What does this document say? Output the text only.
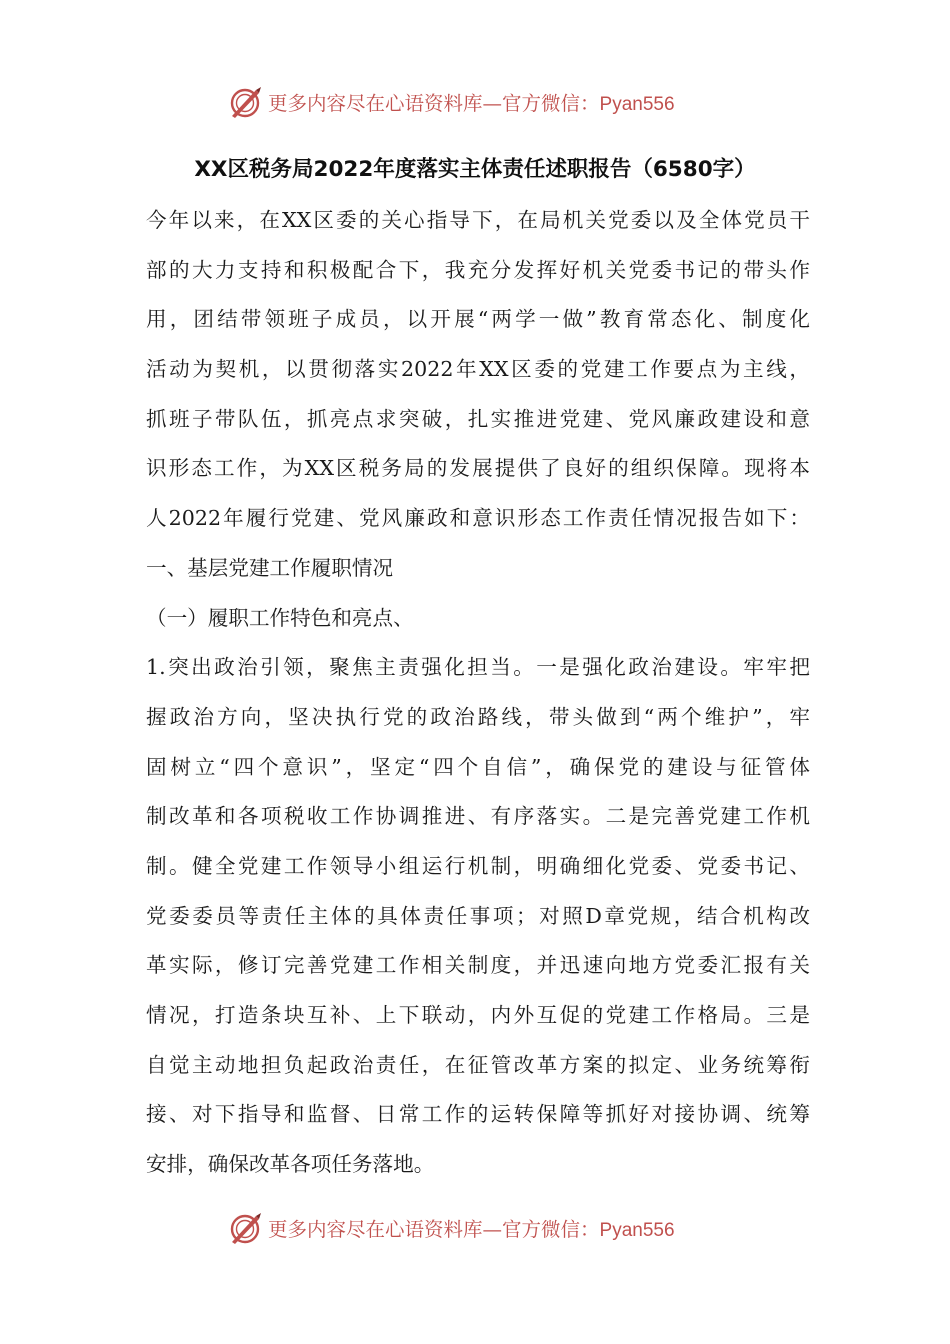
更多内容尽在心语资料库—官方微信：Pyan556
XX区税务局2022年度落实主体责任述职报告（6580字）
今年以来，在XX区委的关心指导下，在局机关党委以及全体党员干
部的大力支持和积极配合下，我充分发挥好机关党委书记的带头作
用，团结带领班子成员，以开展“两学一做”教育常态化、制度化
活动为契机，以贯彻落实2022年XX区委的党建工作要点为主线，
抓班子带队伍，抓亮点求突破，扎实推进党建、党风廉政建设和意
识形态工作，为XX区税务局的发展提供了良好的组织保障。现将本
人2022年履行党建、党风廉政和意识形态工作责任情况报告如下：
一、基层党建工作履职情况
（一）履职工作特色和亮点、
1.突出政治引领，聚焦主责强化担当。一是强化政治建设。牢牢把
握政治方向，坚决执行党的政治路线，带头做到“两个维护”，牢
固树立“四个意识”，坚定“四个自信”，确保党的建设与征管体
制改革和各项税收工作协调推进、有序落实。二是完善党建工作机
制。健全党建工作领导小组运行机制，明确细化党委、党委书记、
党委委员等责任主体的具体责任事项；对照D章党规，结合机构改
革实际，修订完善党建工作相关制度，并迅速向地方党委汇报有关
情况，打造条块互补、上下联动，内外互促的党建工作格局。三是
自觉主动地担负起政治责任，在征管改革方案的拟定、业务统筹衔
接、对下指导和监督、日常工作的运转保障等抓好对接协调、统筹
安排，确保改革各项任务落地。
更多内容尽在心语资料库—官方微信：Pyan556
